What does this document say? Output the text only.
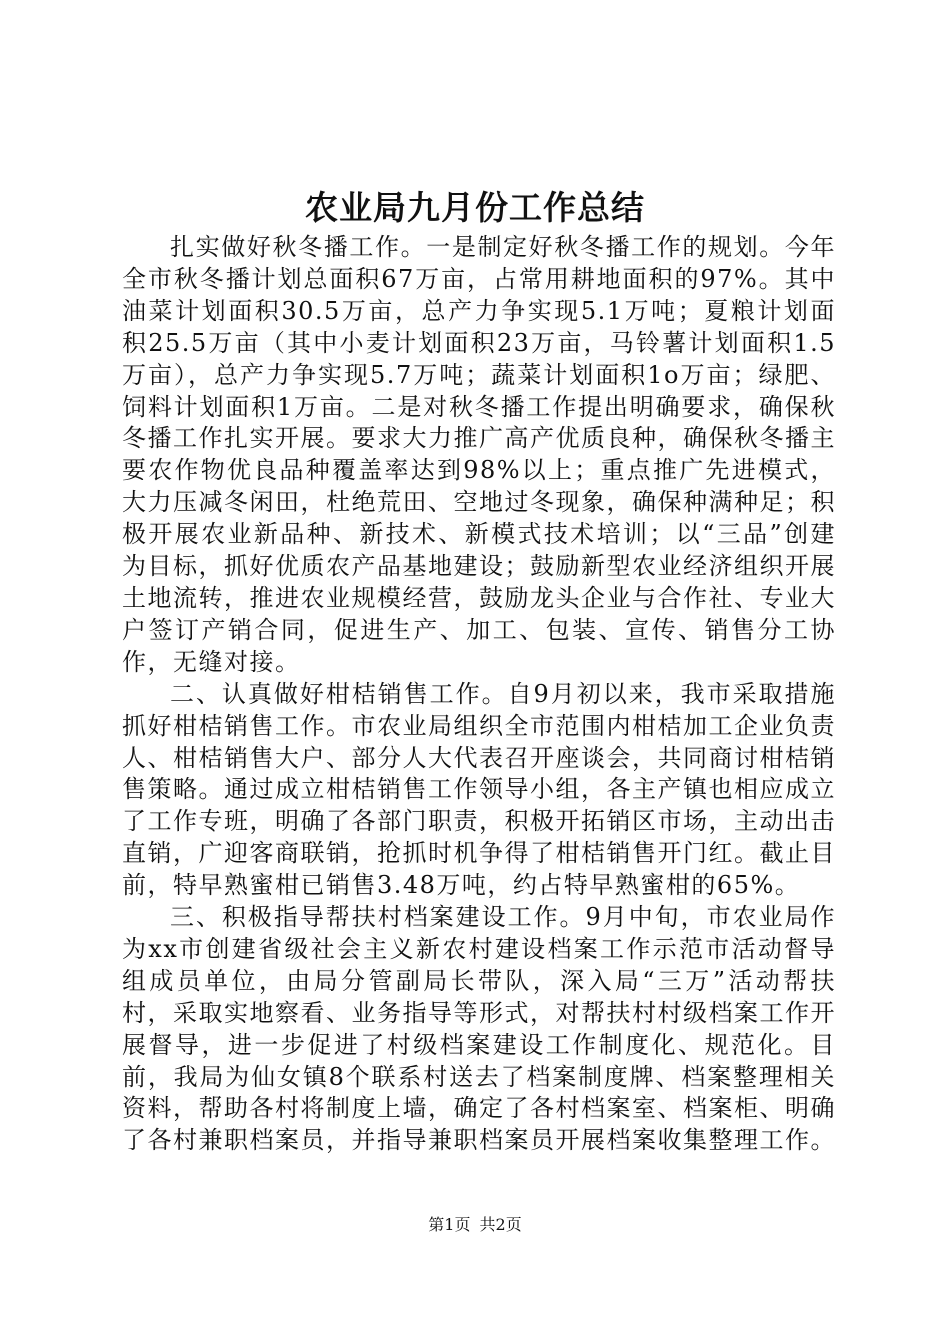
农业局九月份工作总结

扎实做好秋冬播工作。一是制定好秋冬播工作的规划。今年全市秋冬播计划总面积67万亩，占常用耕地面积的97%。其中油菜计划面积30.5万亩，总产力争实现5.1万吨；夏粮计划面积25.5万亩（其中小麦计划面积23万亩，马铃薯计划面积1.5万亩），总产力争实现5.7万吨；蔬菜计划面积1o万亩；绿肥、饲料计划面积1万亩。二是对秋冬播工作提出明确要求，确保秋冬播工作扎实开展。要求大力推广高产优质良种，确保秋冬播主要农作物优良品种覆盖率达到98%以上；重点推广先进模式，大力压减冬闲田，杜绝荒田、空地过冬现象，确保种满种足；积极开展农业新品种、新技术、新模式技术培训；以“三品”创建为目标，抓好优质农产品基地建设；鼓励新型农业经济组织开展土地流转，推进农业规模经营，鼓励龙头企业与合作社、专业大户签订产销合同，促进生产、加工、包装、宣传、销售分工协作，无缝对接。

二、认真做好柑桔销售工作。自9月初以来，我市采取措施抓好柑桔销售工作。市农业局组织全市范围内柑桔加工企业负责人、柑桔销售大户、部分人大代表召开座谈会，共同商讨柑桔销售策略。通过成立柑桔销售工作领导小组，各主产镇也相应成立了工作专班，明确了各部门职责，积极开拓销区市场，主动出击直销，广迎客商联销，抢抓时机争得了柑桔销售开门红。截止目前，特早熟蜜柑已销售3.48万吨，约占特早熟蜜柑的65%。

三、积极指导帮扶村档案建设工作。9月中旬，市农业局作为xx市创建省级社会主义新农村建设档案工作示范市活动督导组成员单位，由局分管副局长带队，深入局“三万”活动帮扶村，采取实地察看、业务指导等形式，对帮扶村村级档案工作开展督导，进一步促进了村级档案建设工作制度化、规范化。目前，我局为仙女镇8个联系村送去了档案制度牌、档案整理相关资料，帮助各村将制度上墙，确定了各村档案室、档案柜、明确了各村兼职档案员，并指导兼职档案员开展档案收集整理工作。

第1页 共2页
